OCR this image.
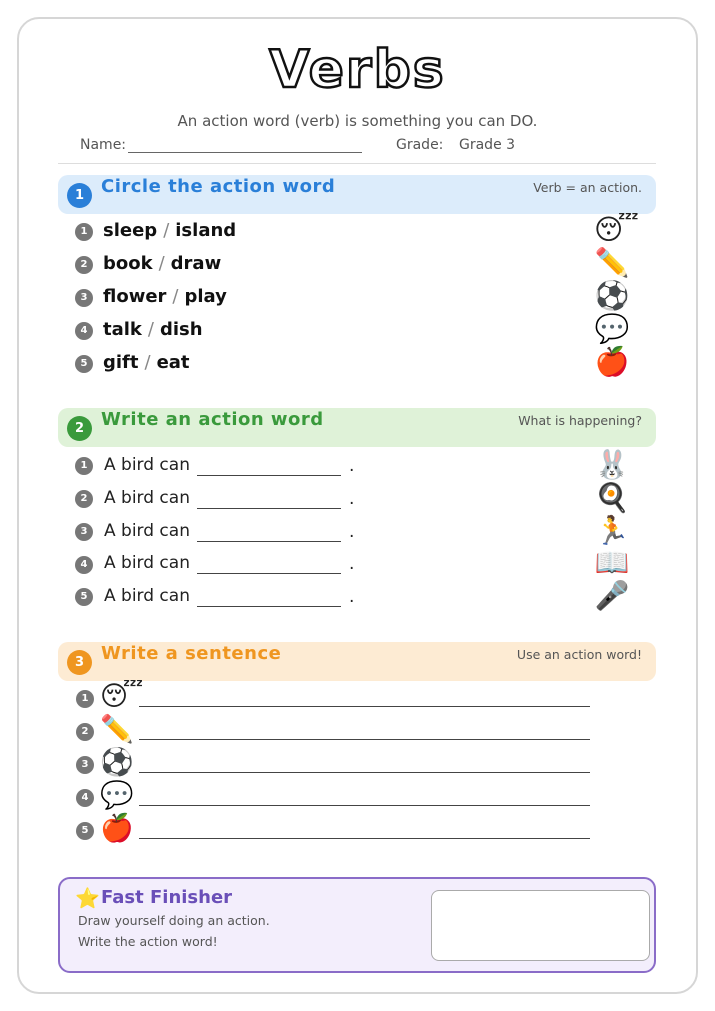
Verbs
An action word (verb) is something you can DO.
Name:	Grade: Grade 3
1 Circle the action word	Verb = an action.
1 sleep / island	😴
2 book / draw	✏️
3 flower / play	⚽
4 talk / dish	💬
5 gift / eat	🍎
2 Write an action word	What is happening?
1 A bird can	.	🐰
2 A bird can	.	🍳
3 A bird can	.	🏃
4 A bird can	.	📖
5 A bird can	.	🎤
3 Write a sentence	Use an action word!
1 😴
2 ✏️
3 ⚽
4 💬
5 🍎
⭐ Fast Finisher
Draw yourself doing an action.
Write the action word!
